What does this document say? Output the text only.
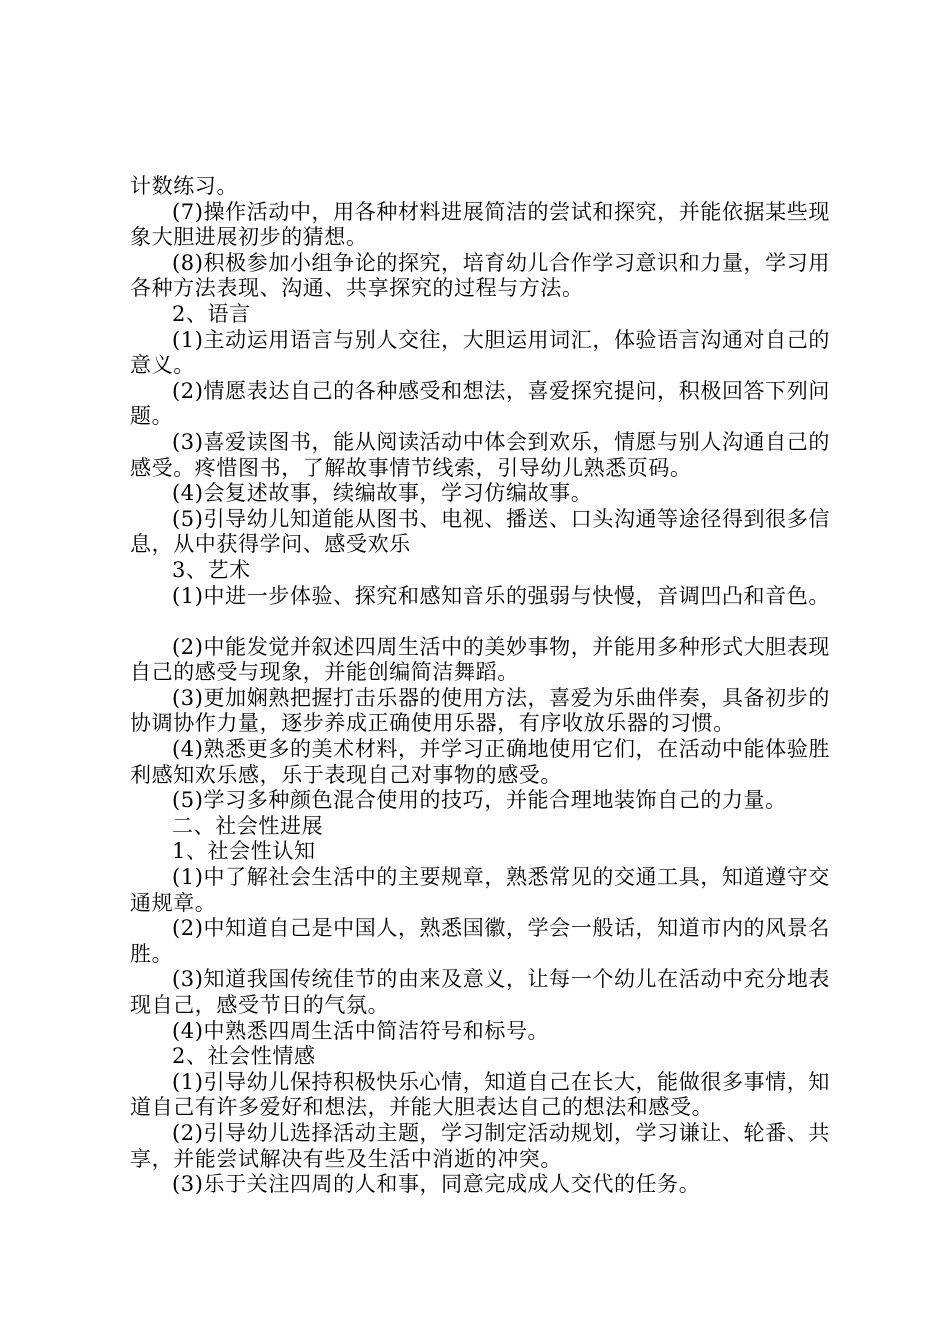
计数练习。

(7)操作活动中，用各种材料进展简洁的尝试和探究，并能依据某些现象大胆进展初步的猜想。

(8)积极参加小组争论的探究，培育幼儿合作学习意识和力量，学习用各种方法表现、沟通、共享探究的过程与方法。

2、语言

(1)主动运用语言与别人交往，大胆运用词汇，体验语言沟通对自己的意义。

(2)情愿表达自己的各种感受和想法，喜爱探究提问，积极回答下列问题。

(3)喜爱读图书，能从阅读活动中体会到欢乐，情愿与别人沟通自己的感受。疼惜图书，了解故事情节线索，引导幼儿熟悉页码。

(4)会复述故事，续编故事，学习仿编故事。

(5)引导幼儿知道能从图书、电视、播送、口头沟通等途径得到很多信息，从中获得学问、感受欢乐

3、艺术

(1)中进一步体验、探究和感知音乐的强弱与快慢，音调凹凸和音色。

(2)中能发觉并叙述四周生活中的美妙事物，并能用多种形式大胆表现自己的感受与现象，并能创编简洁舞蹈。

(3)更加娴熟把握打击乐器的使用方法，喜爱为乐曲伴奏，具备初步的协调协作力量，逐步养成正确使用乐器，有序收放乐器的习惯。

(4)熟悉更多的美术材料，并学习正确地使用它们，在活动中能体验胜利感知欢乐感，乐于表现自己对事物的感受。

(5)学习多种颜色混合使用的技巧，并能合理地装饰自己的力量。

二、社会性进展

1、社会性认知

(1)中了解社会生活中的主要规章，熟悉常见的交通工具，知道遵守交通规章。

(2)中知道自己是中国人，熟悉国徽，学会一般话，知道市内的风景名胜。

(3)知道我国传统佳节的由来及意义，让每一个幼儿在活动中充分地表现自己，感受节日的气氛。

(4)中熟悉四周生活中简洁符号和标号。

2、社会性情感

(1)引导幼儿保持积极快乐心情，知道自己在长大，能做很多事情，知道自己有许多爱好和想法，并能大胆表达自己的想法和感受。

(2)引导幼儿选择活动主题，学习制定活动规划，学习谦让、轮番、共享，并能尝试解决有些及生活中消逝的冲突。

(3)乐于关注四周的人和事，同意完成成人交代的任务。
